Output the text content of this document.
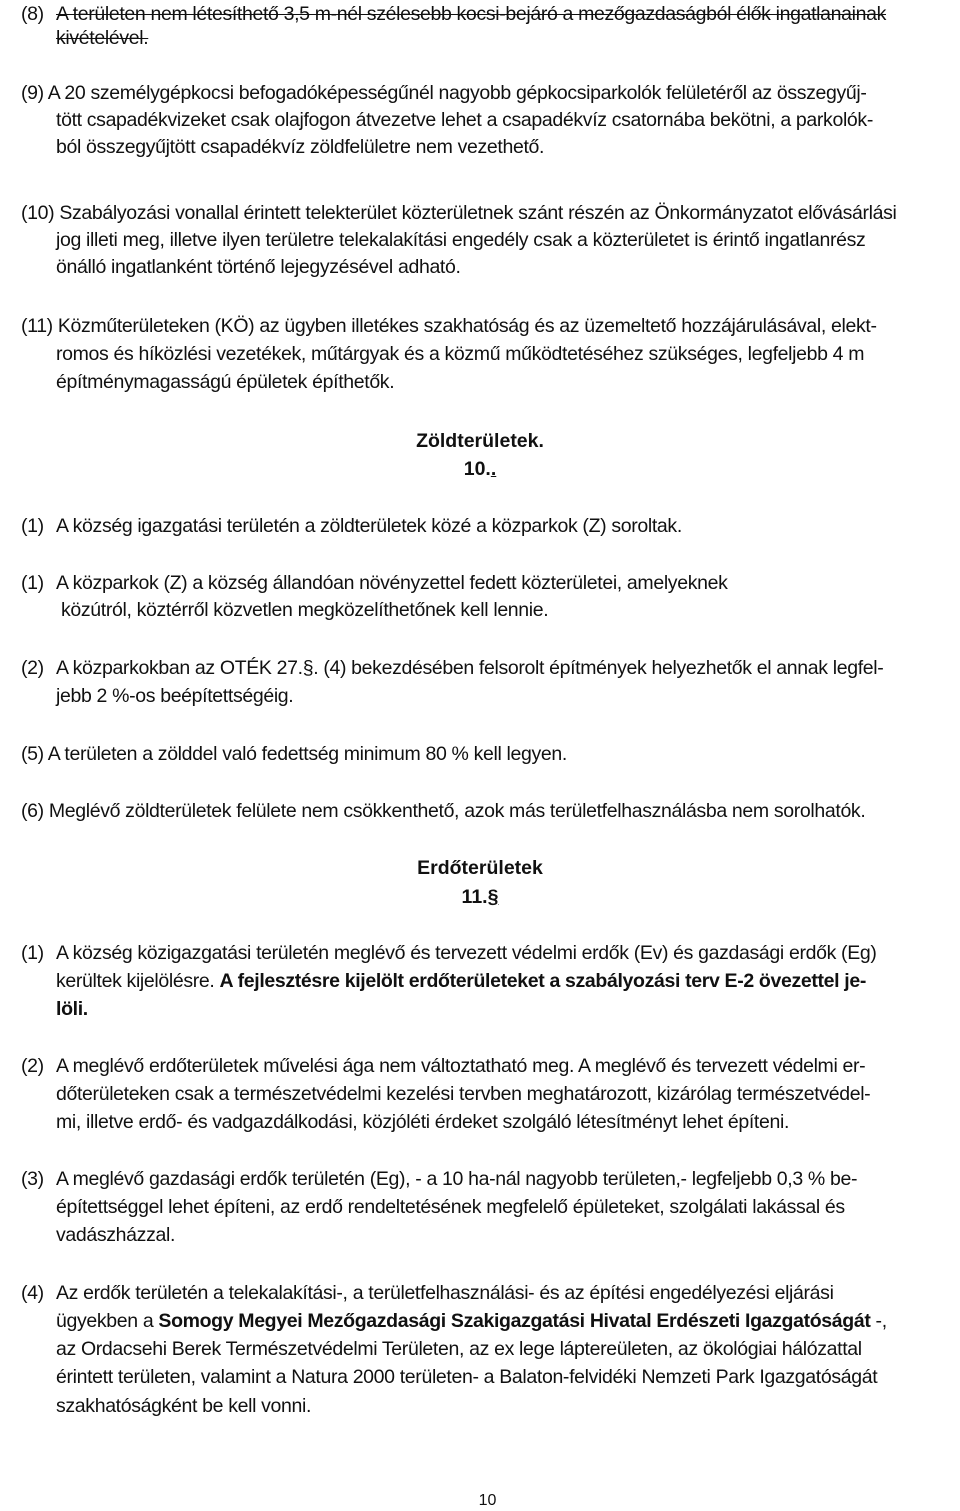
(8) A területen nem létesíthető 3,5 m-nél szélesebb kocsi-bejáró a mezőgazdaságból élők ingatlanainak
kivételével.
(9) A 20 személygépkocsi befogadóképességűnél nagyobb gépkocsiparkolók felületéről az összegyűj-
tött csapadékvizeket csak olajfogon átvezetve lehet a csapadékvíz csatornába bekötni, a parkolók-
ból összegyűjtött csapadékvíz zöldfelületre nem vezethető.
(10) Szabályozási vonallal érintett telekterület közterületnek szánt részén az Önkormányzatot elővásárlási
jog illeti meg, illetve ilyen területre telekalakítási engedély csak a közterületet is érintő ingatlanrész
önálló ingatlanként történő lejegyzésével adható.
(11) Közműterületeken (KÖ) az ügyben illetékes szakhatóság és az üzemeltető hozzájárulásával, elekt-
romos és híközlési vezetékek, műtárgyak és a közmű működtetéséhez szükséges, legfeljebb 4 m
építménymagasságú épületek építhetők.
Zöldterületek.
10..
(1) A község igazgatási területén a zöldterületek közé a közparkok (Z) soroltak.
(1) A közparkok (Z) a község állandóan növényzettel fedett közterületei, amelyeknek
közútról, köztérről közvetlen megközelíthetőnek kell lennie.
(2) A közparkokban az OTÉK 27.§. (4) bekezdésében felsorolt építmények helyezhetők el annak legfel-
jebb 2 %-os beépítettségéig.
(5) A területen a zölddel való fedettség minimum 80 % kell legyen.
(6) Meglévő zöldterületek felülete nem csökkenthető, azok más területfelhasználásba nem sorolhatók.
Erdőterületek
11.§
(1) A község közigazgatási területén meglévő és tervezett védelmi erdők (Ev) és gazdasági erdők (Eg)
kerültek kijelölésre. A fejlesztésre kijelölt erdőterületeket a szabályozási terv E-2 övezettel je-
löli.
(2) A meglévő erdőterületek művelési ága nem változtatható meg. A meglévő és tervezett védelmi er-
dőterületeken csak a természetvédelmi kezelési tervben meghatározott, kizárólag természetvédel-
mi, illetve erdő- és vadgazdálkodási, közjóléti érdeket szolgáló létesítményt lehet építeni.
(3) A meglévő gazdasági erdők területén (Eg), - a 10 ha-nál nagyobb területen,- legfeljebb 0,3 % be-
építettséggel lehet építeni, az erdő rendeltetésének megfelelő épületeket, szolgálati lakással és
vadászházzal.
(4) Az erdők területén a telekalakítási-, a területfelhasználási- és az építési engedélyezési eljárási
ügyekben a Somogy Megyei Mezőgazdasági Szakigazgatási Hivatal Erdészeti Igazgatóságát -,
az Ordacsehi Berek Természetvédelmi Területen, az ex lege láptereületen, az ökológiai hálózattal
érintett területen, valamint a Natura 2000 területen- a Balaton-felvidéki Nemzeti Park Igazgatóságát
szakhatóságként be kell vonni.
10
